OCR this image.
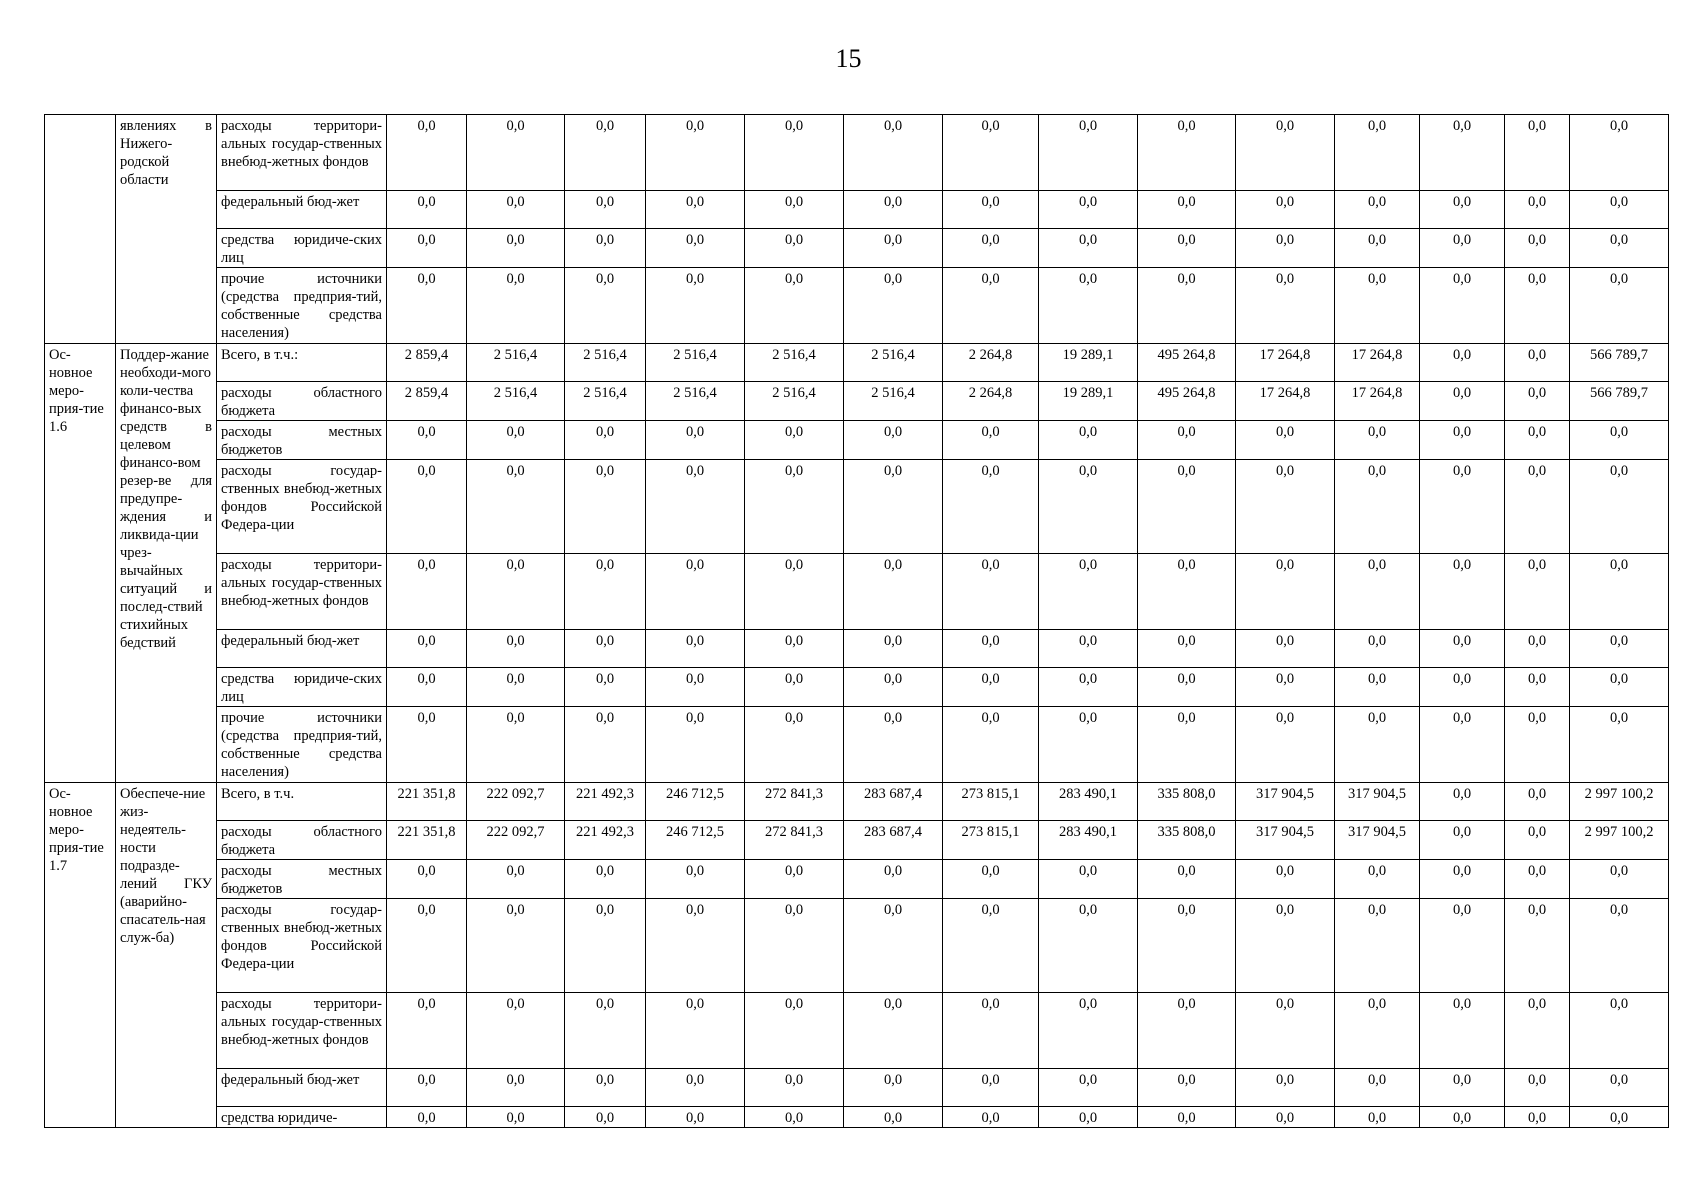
15
	явлениях в Нижего-родской области	расходы территори-альных государ-ственных внебюд-жетных фондов	0,0	0,0	0,0	0,0	0,0	0,0	0,0	0,0	0,0	0,0	0,0	0,0	0,0	0,0
		федеральный бюд-жет	0,0	0,0	0,0	0,0	0,0	0,0	0,0	0,0	0,0	0,0	0,0	0,0	0,0	0,0
		средства юридиче-ских лиц	0,0	0,0	0,0	0,0	0,0	0,0	0,0	0,0	0,0	0,0	0,0	0,0	0,0	0,0
		прочие источники (средства предприя-тий, собственные средства населения)	0,0	0,0	0,0	0,0	0,0	0,0	0,0	0,0	0,0	0,0	0,0	0,0	0,0	0,0
Ос-новное меро-прия-тие 1.6	Поддер-жание необходи-мого коли-чества финансо-вых средств в целевом финансо-вом резер-ве для предупре-ждения и ликвида-ции чрез-вычайных ситуаций и послед-ствий стихийных бедствий	Всего, в т.ч.:	2 859,4	2 516,4	2 516,4	2 516,4	2 516,4	2 516,4	2 264,8	19 289,1	495 264,8	17 264,8	17 264,8	0,0	0,0	566 789,7
		расходы областного бюджета	2 859,4	2 516,4	2 516,4	2 516,4	2 516,4	2 516,4	2 264,8	19 289,1	495 264,8	17 264,8	17 264,8	0,0	0,0	566 789,7
		расходы местных бюджетов	0,0	0,0	0,0	0,0	0,0	0,0	0,0	0,0	0,0	0,0	0,0	0,0	0,0	0,0
		расходы государ-ственных внебюд-жетных фондов Российской Федера-ции	0,0	0,0	0,0	0,0	0,0	0,0	0,0	0,0	0,0	0,0	0,0	0,0	0,0	0,0
		расходы территори-альных государ-ственных внебюд-жетных фондов	0,0	0,0	0,0	0,0	0,0	0,0	0,0	0,0	0,0	0,0	0,0	0,0	0,0	0,0
		федеральный бюд-жет	0,0	0,0	0,0	0,0	0,0	0,0	0,0	0,0	0,0	0,0	0,0	0,0	0,0	0,0
		средства юридиче-ских лиц	0,0	0,0	0,0	0,0	0,0	0,0	0,0	0,0	0,0	0,0	0,0	0,0	0,0	0,0
		прочие источники (средства предприя-тий, собственные средства населения)	0,0	0,0	0,0	0,0	0,0	0,0	0,0	0,0	0,0	0,0	0,0	0,0	0,0	0,0
Ос-новное меро-прия-тие 1.7	Обеспече-ние жиз-недеятель-ности подразде-лений ГКУ (аварийно-спасатель-ная служ-ба)	Всего, в т.ч.	221 351,8	222 092,7	221 492,3	246 712,5	272 841,3	283 687,4	273 815,1	283 490,1	335 808,0	317 904,5	317 904,5	0,0	0,0	2 997 100,2
		расходы областного бюджета	221 351,8	222 092,7	221 492,3	246 712,5	272 841,3	283 687,4	273 815,1	283 490,1	335 808,0	317 904,5	317 904,5	0,0	0,0	2 997 100,2
		расходы местных бюджетов	0,0	0,0	0,0	0,0	0,0	0,0	0,0	0,0	0,0	0,0	0,0	0,0	0,0	0,0
		расходы государ-ственных внебюд-жетных фондов Российской Федера-ции	0,0	0,0	0,0	0,0	0,0	0,0	0,0	0,0	0,0	0,0	0,0	0,0	0,0	0,0
		расходы территори-альных государ-ственных внебюд-жетных фондов	0,0	0,0	0,0	0,0	0,0	0,0	0,0	0,0	0,0	0,0	0,0	0,0	0,0	0,0
		федеральный бюд-жет	0,0	0,0	0,0	0,0	0,0	0,0	0,0	0,0	0,0	0,0	0,0	0,0	0,0	0,0
		средства юридиче-	0,0	0,0	0,0	0,0	0,0	0,0	0,0	0,0	0,0	0,0	0,0	0,0	0,0	0,0
